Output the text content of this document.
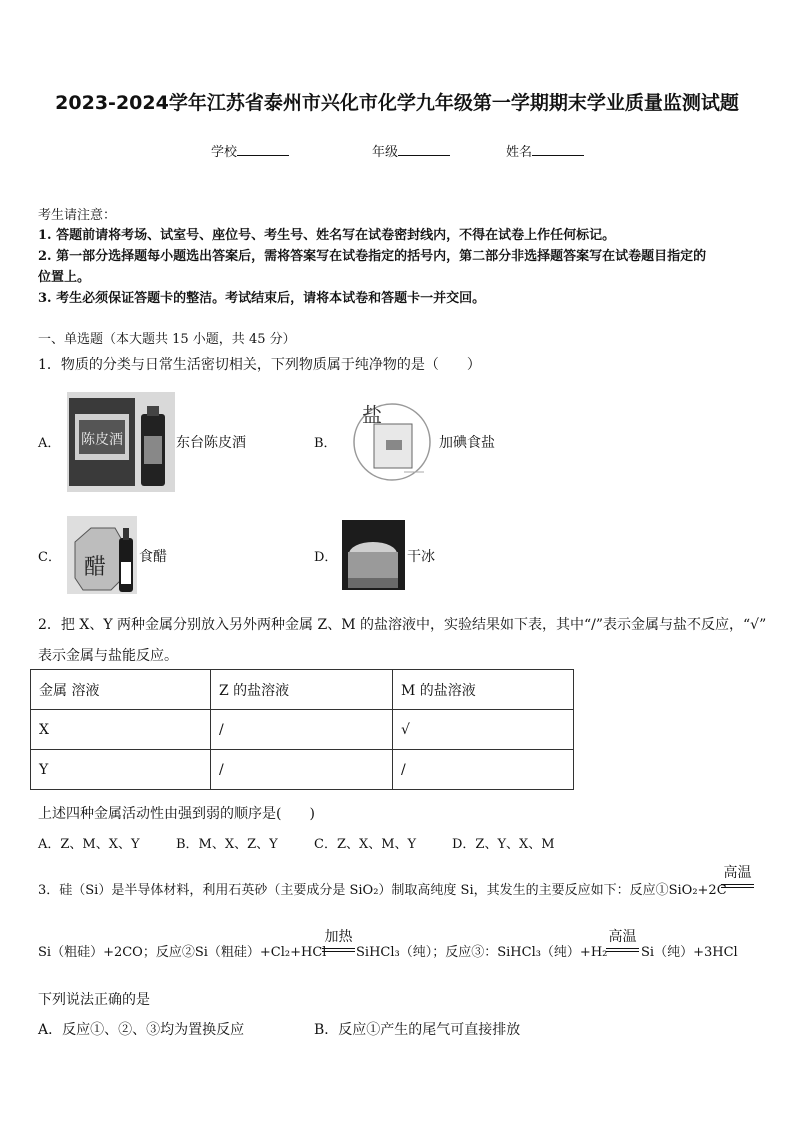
2023-2024学年江苏省泰州市兴化市化学九年级第一学期期末学业质量监测试题
学校	年级	姓名
考生请注意：
1. 答题前请将考场、试室号、座位号、考生号、姓名写在试卷密封线内，不得在试卷上作任何标记。
2. 第一部分选择题每小题选出答案后，需将答案写在试卷指定的括号内，第二部分非选择题答案写在试卷题目指定的
位置上。
3. 考生必须保证答题卡的整洁。考试结束后，请将本试卷和答题卡一并交回。
一、单选题（本大题共 15 小题，共 45 分）
1．物质的分类与日常生活密切相关，下列物质属于纯净物的是（　　）
A． 陈皮酒	东台陈皮酒	B．
盐
加碘食盐
C． 醋 食醋	D．	干冰
2．把 X、Y 两种金属分别放入另外两种金属 Z、M 的盐溶液中，实验结果如下表，其中“/”表示金属与盐不反应，“√”
表示金属与盐能反应。
金属 溶液	Z 的盐溶液	M 的盐溶液
X	/	√
Y	/	/
上述四种金属活动性由强到弱的顺序是(　　)
A．Z、M、X、Y	B．M、X、Z、Y	C．Z、X、M、Y	D．Z、Y、X、M
3．硅（Si）是半导体材料，利用石英砂（主要成分是 SiO₂）制取高纯度 Si，其发生的主要反应如下：反应①SiO₂+2C
高温
Si（粗硅）+2CO；反应②Si（粗硅）+Cl₂+HCl
加热
SiHCl₃（纯）；反应③：SiHCl₃（纯）+H₂
高温
Si（纯）+3HCl
下列说法正确的是
A．反应①、②、③均为置换反应	B．反应①产生的尾气可直接排放
